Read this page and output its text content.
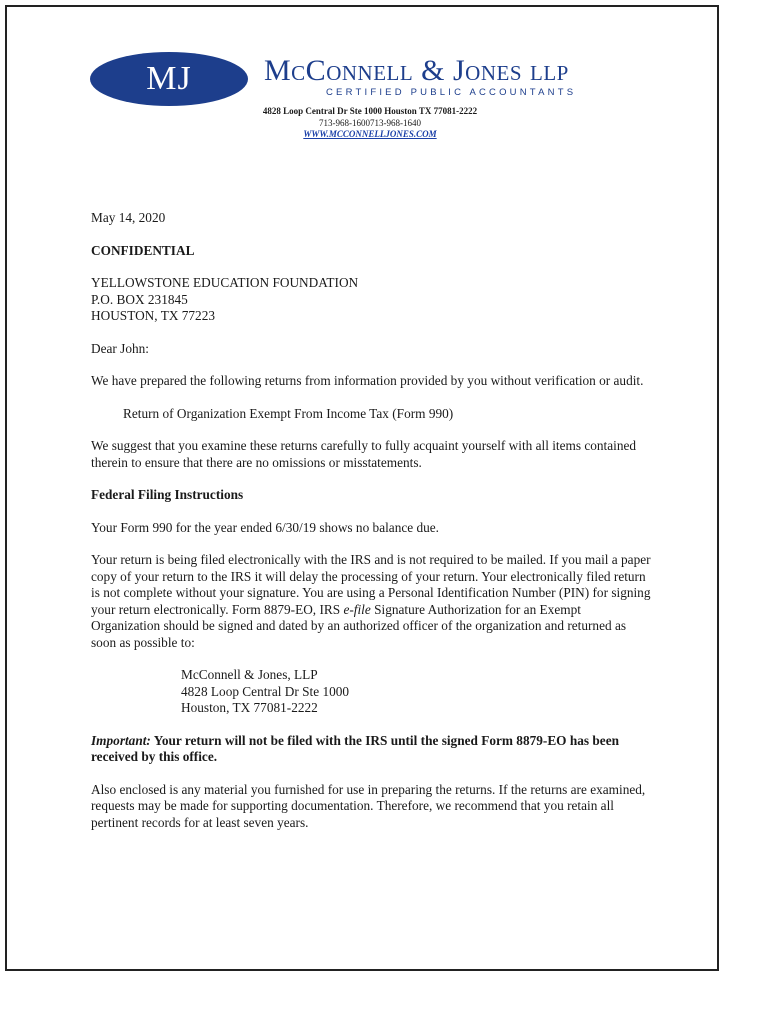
MJ McConnell & Jones llp
CERTIFIED PUBLIC ACCOUNTANTS
4828 Loop Central Dr Ste 1000 Houston TX 77081-2222
713-968-1600713-968-1640
WWW.MCCONNELLJONES.COM

May 14, 2020

CONFIDENTIAL

YELLOWSTONE EDUCATION FOUNDATION
P.O. BOX 231845
HOUSTON, TX 77223

Dear John:

We have prepared the following returns from information provided by you without verification or audit.

Return of Organization Exempt From Income Tax (Form 990)

We suggest that you examine these returns carefully to fully acquaint yourself with all items contained therein to ensure that there are no omissions or misstatements.

Federal Filing Instructions

Your Form 990 for the year ended 6/30/19 shows no balance due.

Your return is being filed electronically with the IRS and is not required to be mailed. If you mail a paper copy of your return to the IRS it will delay the processing of your return. Your electronically filed return is not complete without your signature. You are using a Personal Identification Number (PIN) for signing your return electronically. Form 8879-EO, IRS e-file Signature Authorization for an Exempt Organization should be signed and dated by an authorized officer of the organization and returned as soon as possible to:

McConnell & Jones, LLP
4828 Loop Central Dr Ste 1000
Houston, TX 77081-2222

Important: Your return will not be filed with the IRS until the signed Form 8879-EO has been received by this office.

Also enclosed is any material you furnished for use in preparing the returns. If the returns are examined, requests may be made for supporting documentation. Therefore, we recommend that you retain all pertinent records for at least seven years.
